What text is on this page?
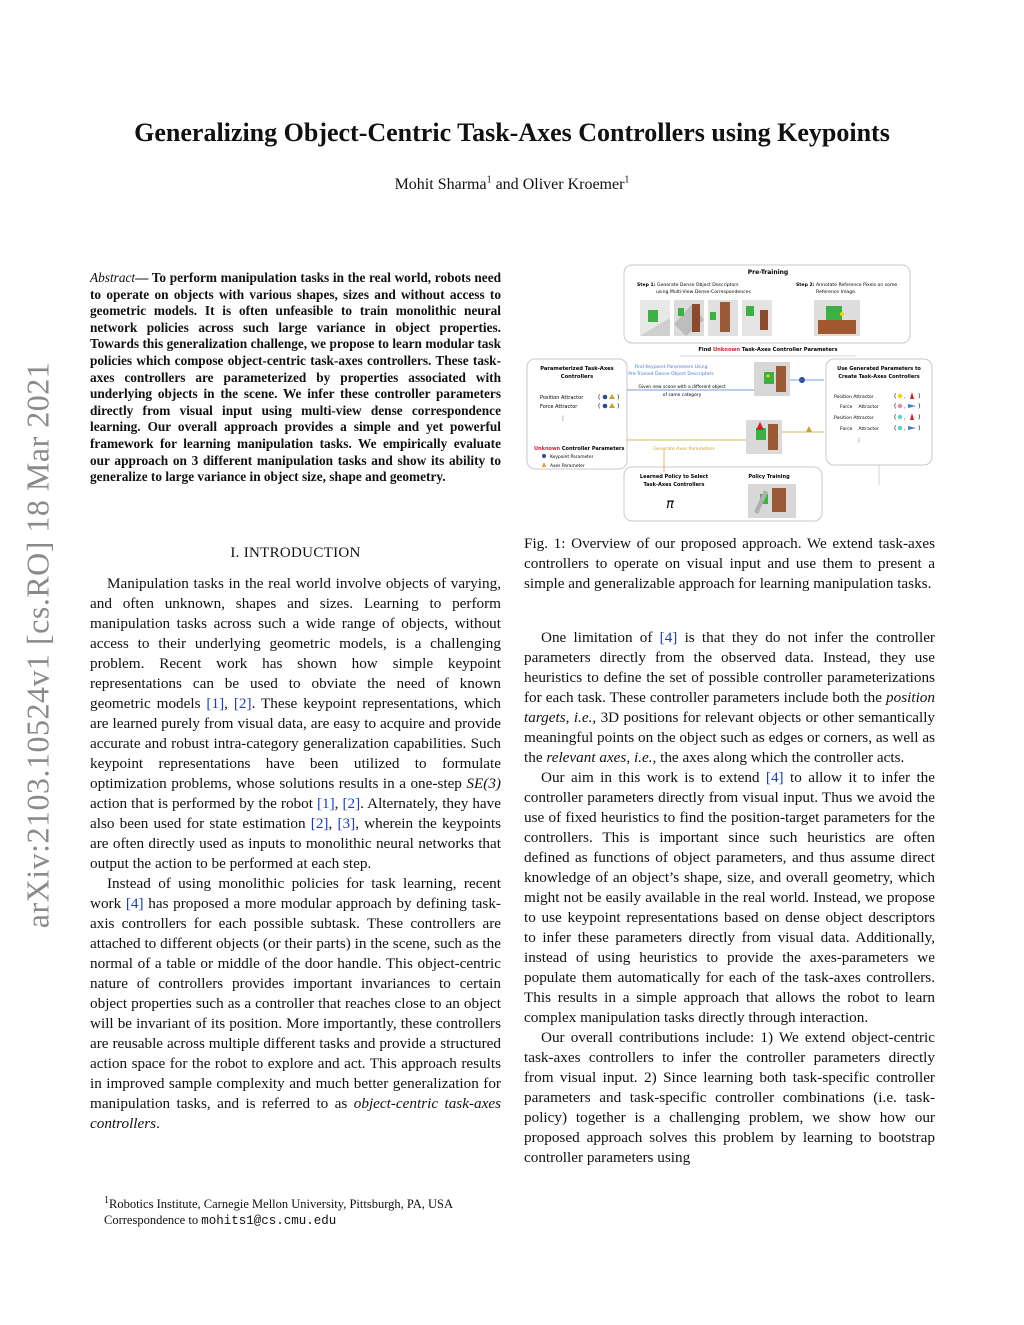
arXiv:2103.10524v1 [cs.RO] 18 Mar 2021
Generalizing Object-Centric Task-Axes Controllers using Keypoints
Mohit Sharma$^1$ and Oliver Kroemer$^1$
Abstract— To perform manipulation tasks in the real world, robots need to operate on objects with various shapes, sizes and without access to geometric models. It is often unfeasible to train monolithic neural network policies across such large variance in object properties. Towards this generalization challenge, we propose to learn modular task policies which compose object-centric task-axes controllers. These task-axes controllers are parameterized by properties associated with underlying objects in the scene. We infer these controller parameters directly from visual input using multi-view dense correspondence learning. Our overall approach provides a simple and yet powerful framework for learning manipulation tasks. We empirically evaluate our approach on 3 different manipulation tasks and show its ability to generalize to large variance in object size, shape and geometry.
I. INTRODUCTION

Manipulation tasks in the real world involve objects of varying, and often unknown, shapes and sizes. Learning to perform manipulation tasks across such a wide range of objects, without access to their underlying geometric models, is a challenging problem. Recent work has shown how simple keypoint representations can be used to obviate the need of known geometric models [1], [2]. These keypoint representations, which are learned purely from visual data, are easy to acquire and provide accurate and robust intra-category generalization capabilities. Such keypoint representations have been utilized to formulate optimization problems, whose solutions results in a one-step SE(3) action that is performed by the robot [1], [2]. Alternately, they have also been used for state estimation [2], [3], wherein the keypoints are often directly used as inputs to monolithic neural networks that output the action to be performed at each step.

Instead of using monolithic policies for task learning, recent work [4] has proposed a more modular approach by defining task-axis controllers for each possible subtask. These controllers are attached to different objects (or their parts) in the scene, such as the normal of a table or middle of the door handle. This object-centric nature of controllers provides important invariances to certain object properties such as a controller that reaches close to an object will be invariant of its position. More importantly, these controllers are reusable across multiple different tasks and provide a structured action space for the robot to explore and act. This approach results in improved sample complexity and much better generalization for manipulation tasks, and is referred to as object-centric task-axes controllers.

$^1$Robotics Institute, Carnegie Mellon University, Pittsburgh, PA, USA
Correspondence to mohits1@cs.cmu.edu
Pre-Training
Step 1: Generate Dense Object Descriptors
using Multi-View Dense-Correspondences
Step 2: Annotate Reference Pixels on some
Reference Image.
Find Unknown Task-Axes Controller Parameters
Parameterized Task-Axes
Controllers
Position Attractor
Force Attractor
(	)
(	)
⋮
Unknown Controller Parameters
Keypoint Parameter
Axes Parameter
Find Keypoint Parameters Using
Pre-Trained Dense Object Descriptors
Given new scene with a different object
of same category
Generate Axes Parameters
Use Generated Parameters to
Create Task-Axes Controllers
Position Attractor
Force Attractor
Position Attractor
Force Attractor
( , )
( , )
( , )
( , )
⋮
Learned Policy to Select
Task-Axes Controllers
π
Policy Training
Fig. 1: Overview of our proposed approach. We extend task-axes controllers to operate on visual input and use them to present a simple and generalizable approach for learning manipulation tasks.

One limitation of [4] is that they do not infer the controller parameters directly from the observed data. Instead, they use heuristics to define the set of possible controller parameterizations for each task. These controller parameters include both the position targets, i.e., 3D positions for relevant objects or other semantically meaningful points on the object such as edges or corners, as well as the relevant axes, i.e., the axes along which the controller acts.

Our aim in this work is to extend [4] to allow it to infer the controller parameters directly from visual input. Thus we avoid the use of fixed heuristics to find the position-target parameters for the controllers. This is important since such heuristics are often defined as functions of object parameters, and thus assume direct knowledge of an object’s shape, size, and overall geometry, which might not be easily available in the real world. Instead, we propose to use keypoint representations based on dense object descriptors to infer these parameters directly from visual data. Additionally, instead of using heuristics to provide the axes-parameters we populate them automatically for each of the task-axes controllers. This results in a simple approach that allows the robot to learn complex manipulation tasks directly through interaction.

Our overall contributions include: 1) We extend object-centric task-axes controllers to infer the controller parameters directly from visual input. 2) Since learning both task-specific controller parameters and task-specific controller combinations (i.e. task-policy) together is a challenging problem, we show how our proposed approach solves this problem by learning to bootstrap controller parameters using
